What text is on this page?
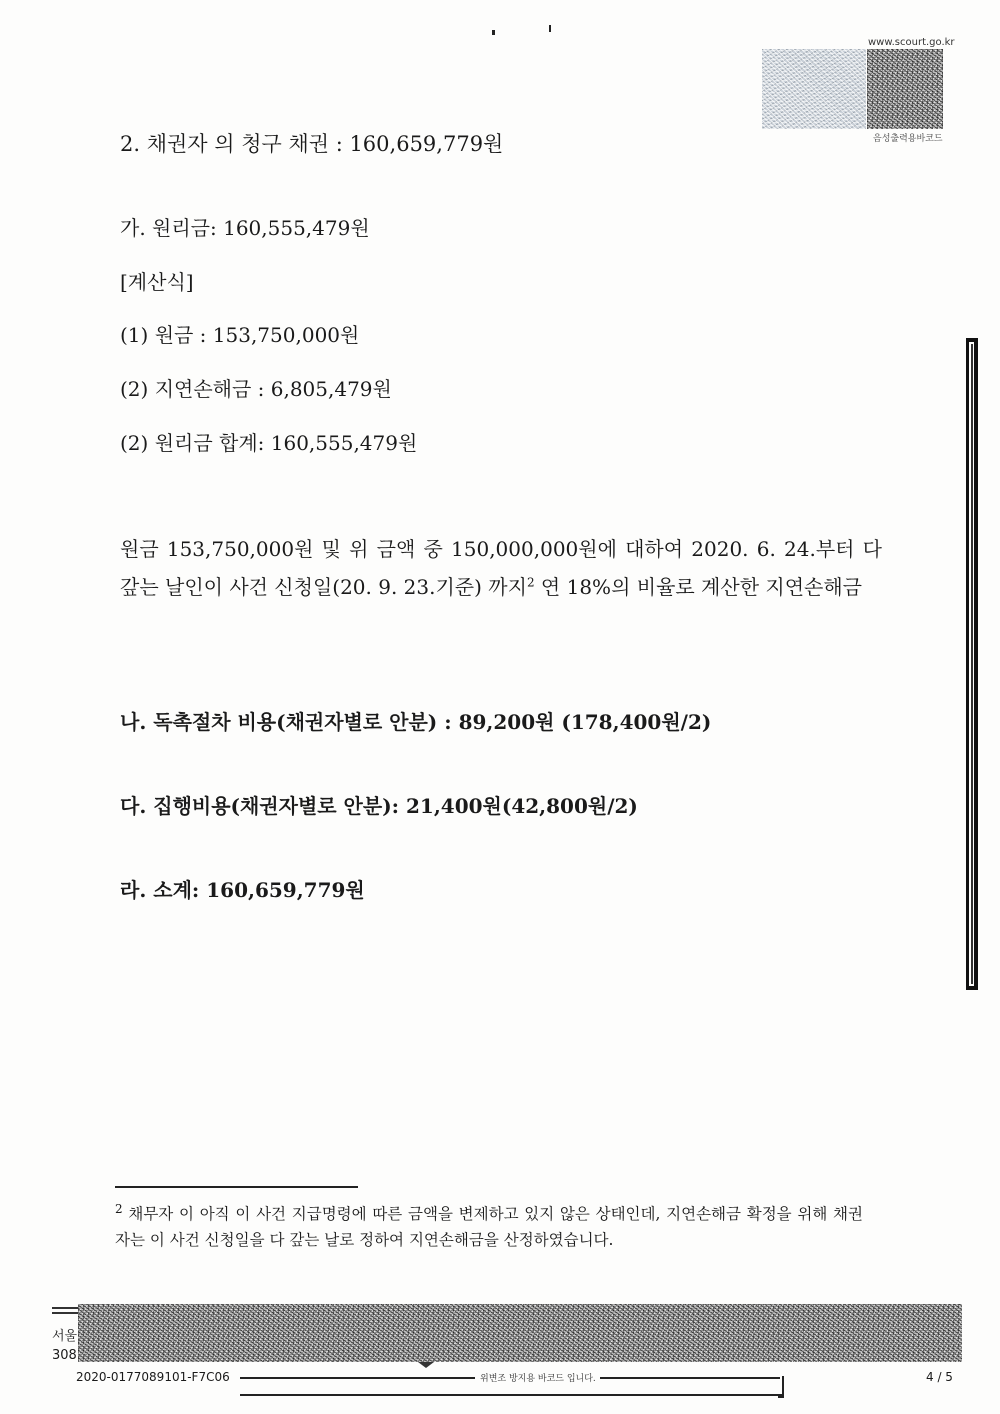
www.scourt.go.kr
음성출력용바코드
2. 채권자 의 청구 채권 : 160,659,779원
가. 원리금: 160,555,479원
[계산식]
(1) 원금 : 153,750,000원
(2) 지연손해금 : 6,805,479원
(2) 원리금 합계: 160,555,479원
원금 153,750,000원 및 위 금액 중 150,000,000원에 대하여 2020. 6. 24.부터 다 갚는 날인이 사건 신청일(20. 9. 23.기준) 까지$^2$ 연 18%의 비율로 계산한 지연손해금
나. 독촉절차 비용(채권자별로 안분) : 89,200원 (178,400원/2)
다. 집행비용(채권자별로 안분): 21,400원(42,800원/2)
라. 소계: 160,659,779원
$^2$ 채무자 이 아직 이 사건 지급명령에 따른 금액을 변제하고 있지 않은 상태인데, 지연손해금 확정을 위해 채권자는 이 사건 신청일을 다 갚는 날로 정하여 지연손해금을 산정하였습니다.
서울
308
2020-0177089101-F7C06	위변조 방지용 바코드 입니다.	4 / 5
